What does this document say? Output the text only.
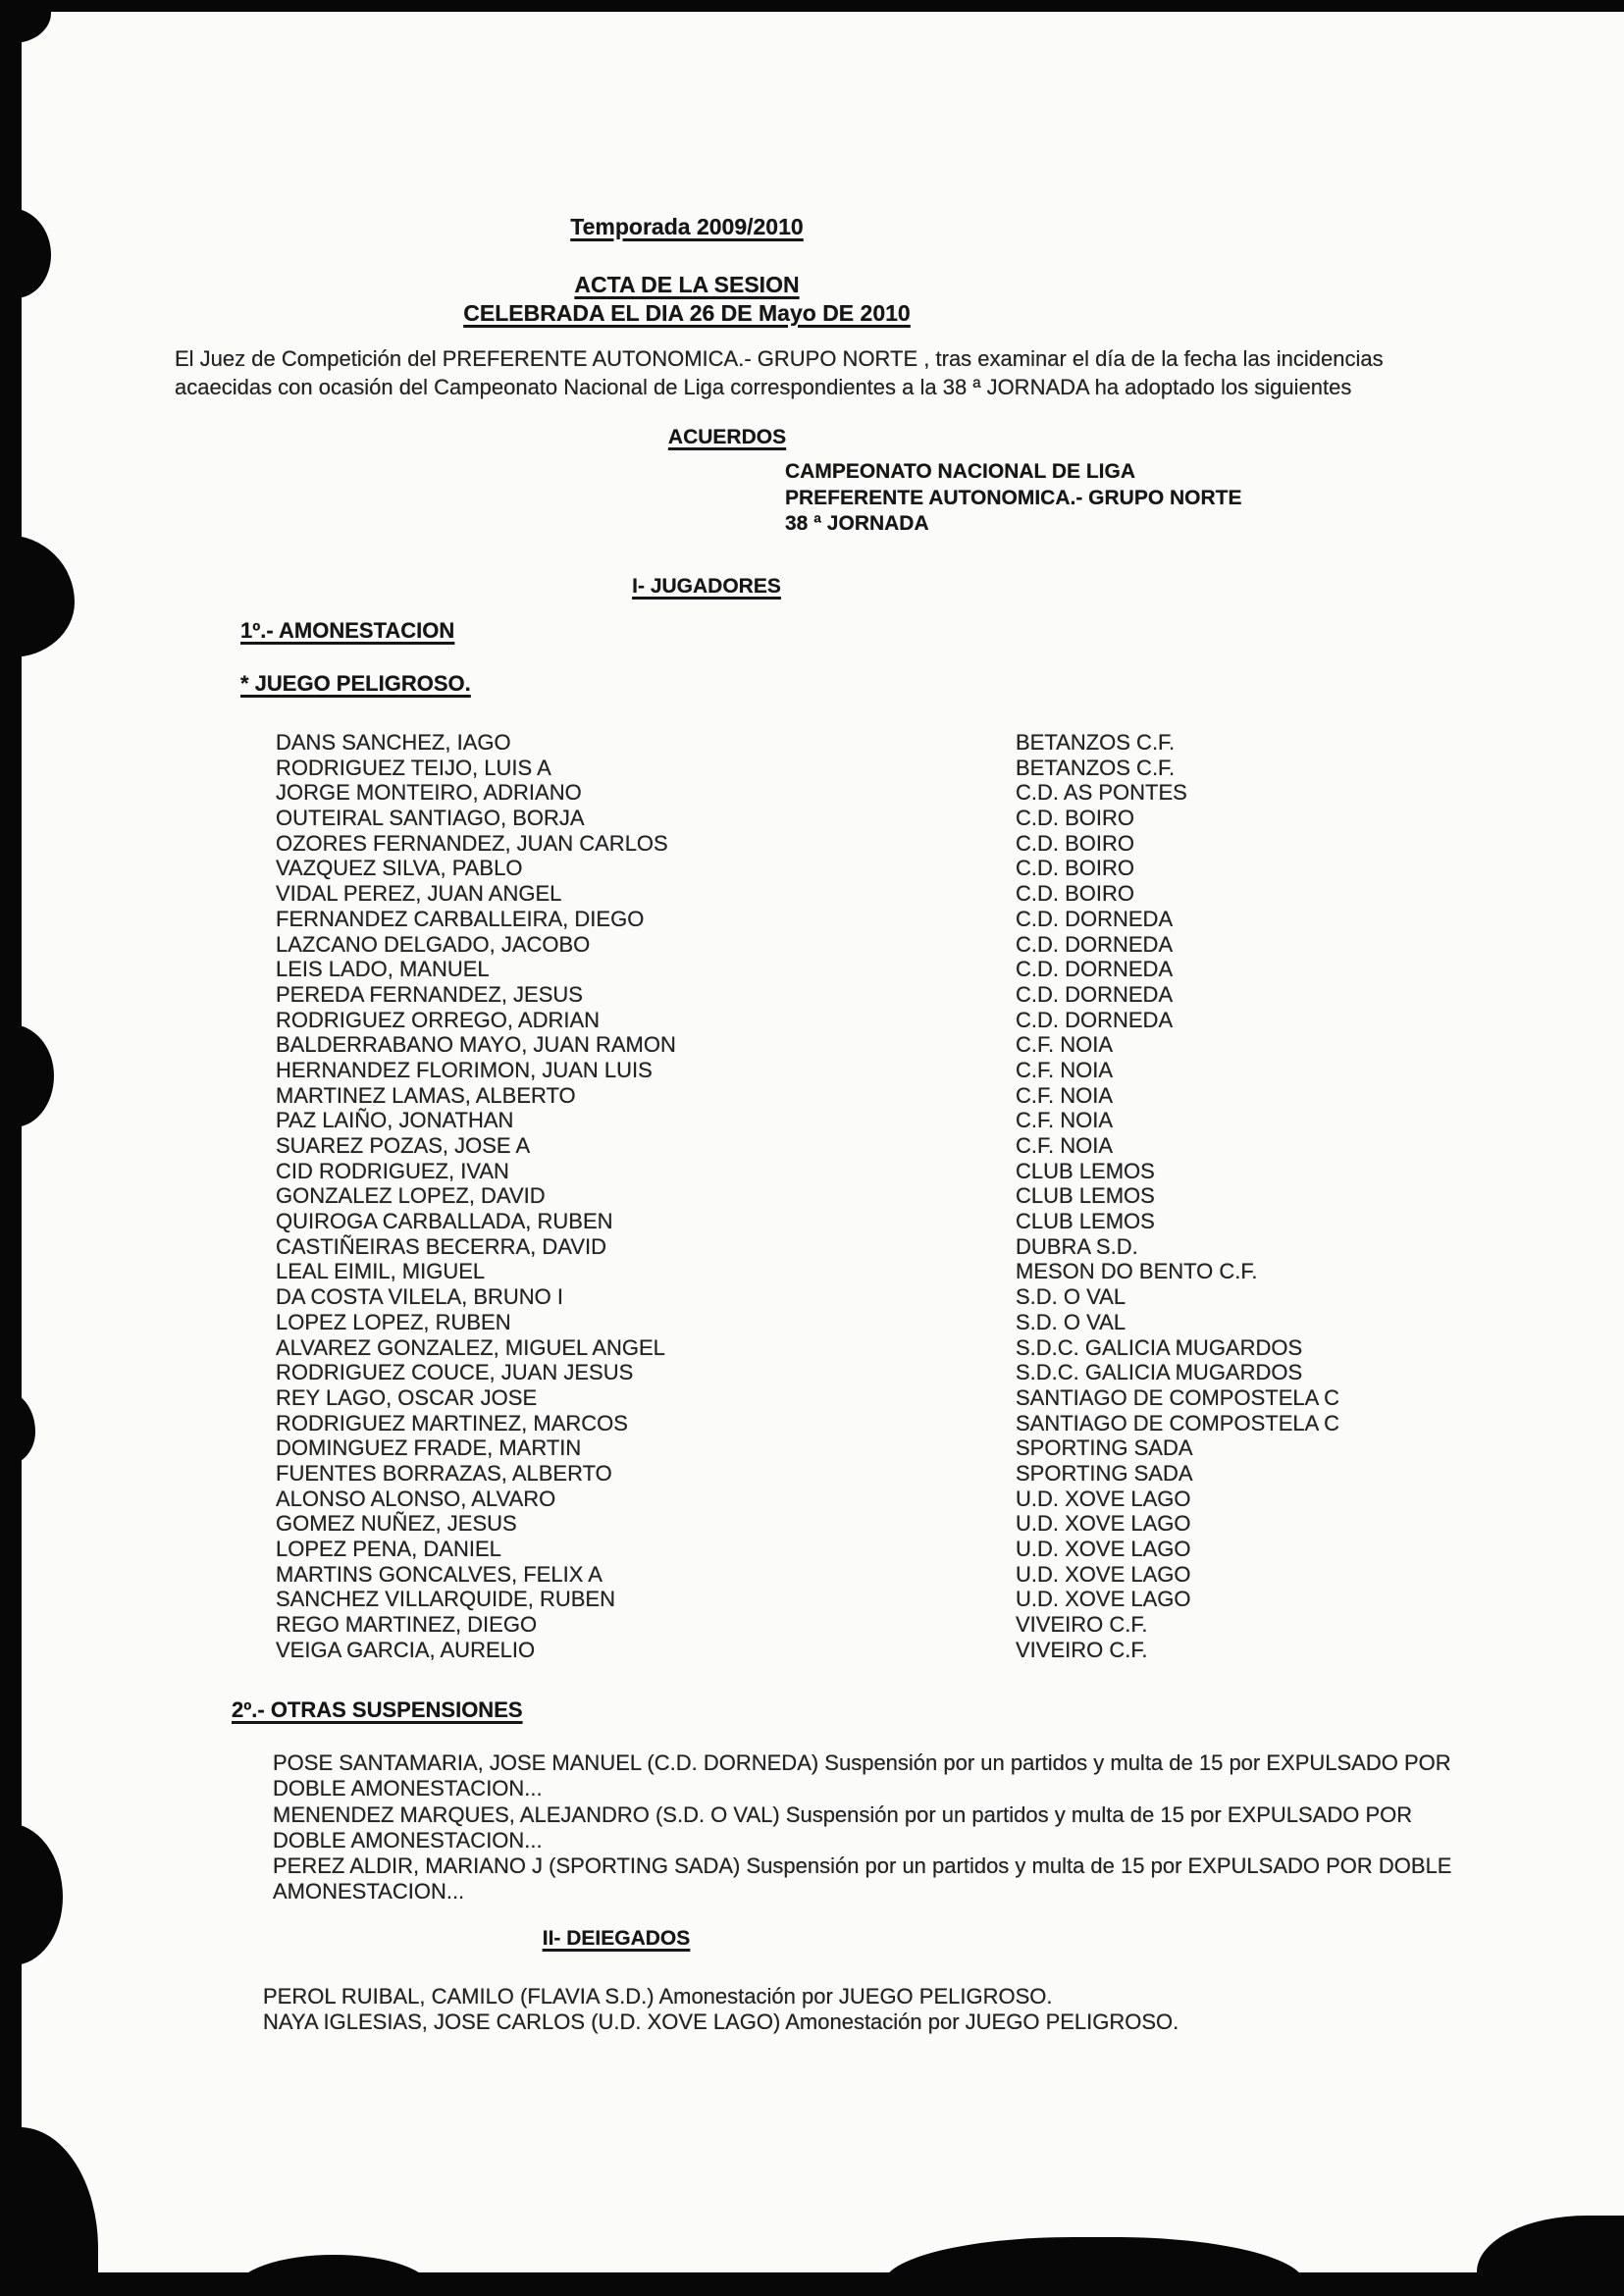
Temporada 2009/2010
ACTA DE LA SESION
CELEBRADA EL DIA 26 DE Mayo DE 2010
El Juez de Competición del PREFERENTE AUTONOMICA.- GRUPO NORTE , tras examinar el día de la fecha las incidencias
acaecidas con ocasión del Campeonato Nacional de Liga correspondientes a la 38 ª JORNADA ha adoptado los siguientes
ACUERDOS
CAMPEONATO NACIONAL DE LIGA
PREFERENTE AUTONOMICA.- GRUPO NORTE
38 ª JORNADA
I- JUGADORES
1º.- AMONESTACION
* JUEGO PELIGROSO.
DANS SANCHEZ, IAGO	BETANZOS C.F.
RODRIGUEZ TEIJO, LUIS A	BETANZOS C.F.
JORGE MONTEIRO, ADRIANO	C.D. AS PONTES
OUTEIRAL SANTIAGO, BORJA	C.D. BOIRO
OZORES FERNANDEZ, JUAN CARLOS	C.D. BOIRO
VAZQUEZ SILVA, PABLO	C.D. BOIRO
VIDAL PEREZ, JUAN ANGEL	C.D. BOIRO
FERNANDEZ CARBALLEIRA, DIEGO	C.D. DORNEDA
LAZCANO DELGADO, JACOBO	C.D. DORNEDA
LEIS LADO, MANUEL	C.D. DORNEDA
PEREDA FERNANDEZ, JESUS	C.D. DORNEDA
RODRIGUEZ ORREGO, ADRIAN	C.D. DORNEDA
BALDERRABANO MAYO, JUAN RAMON	C.F. NOIA
HERNANDEZ FLORIMON, JUAN LUIS	C.F. NOIA
MARTINEZ LAMAS, ALBERTO	C.F. NOIA
PAZ LAIÑO, JONATHAN	C.F. NOIA
SUAREZ POZAS, JOSE A	C.F. NOIA
CID RODRIGUEZ, IVAN	CLUB LEMOS
GONZALEZ LOPEZ, DAVID	CLUB LEMOS
QUIROGA CARBALLADA, RUBEN	CLUB LEMOS
CASTIÑEIRAS BECERRA, DAVID	DUBRA S.D.
LEAL EIMIL, MIGUEL	MESON DO BENTO C.F.
DA COSTA VILELA, BRUNO I	S.D. O VAL
LOPEZ LOPEZ, RUBEN	S.D. O VAL
ALVAREZ GONZALEZ, MIGUEL ANGEL	S.D.C. GALICIA MUGARDOS
RODRIGUEZ COUCE, JUAN JESUS	S.D.C. GALICIA MUGARDOS
REY LAGO, OSCAR JOSE	SANTIAGO DE COMPOSTELA C
RODRIGUEZ MARTINEZ, MARCOS	SANTIAGO DE COMPOSTELA C
DOMINGUEZ FRADE, MARTIN	SPORTING SADA
FUENTES BORRAZAS, ALBERTO	SPORTING SADA
ALONSO ALONSO, ALVARO	U.D. XOVE LAGO
GOMEZ NUÑEZ, JESUS	U.D. XOVE LAGO
LOPEZ PENA, DANIEL	U.D. XOVE LAGO
MARTINS GONCALVES, FELIX A	U.D. XOVE LAGO
SANCHEZ VILLARQUIDE, RUBEN	U.D. XOVE LAGO
REGO MARTINEZ, DIEGO	VIVEIRO C.F.
VEIGA GARCIA, AURELIO	VIVEIRO C.F.
2º.- OTRAS SUSPENSIONES
POSE SANTAMARIA, JOSE MANUEL (C.D. DORNEDA) Suspensión por un partidos y multa de 15 por EXPULSADO POR
DOBLE AMONESTACION...
MENENDEZ MARQUES, ALEJANDRO (S.D. O VAL) Suspensión por un partidos y multa de 15 por EXPULSADO POR
DOBLE AMONESTACION...
PEREZ ALDIR, MARIANO J (SPORTING SADA) Suspensión por un partidos y multa de 15 por EXPULSADO POR DOBLE
AMONESTACION...
II- DEIEGADOS
PEROL RUIBAL, CAMILO (FLAVIA S.D.) Amonestación por JUEGO PELIGROSO.
NAYA IGLESIAS, JOSE CARLOS (U.D. XOVE LAGO) Amonestación por JUEGO PELIGROSO.
